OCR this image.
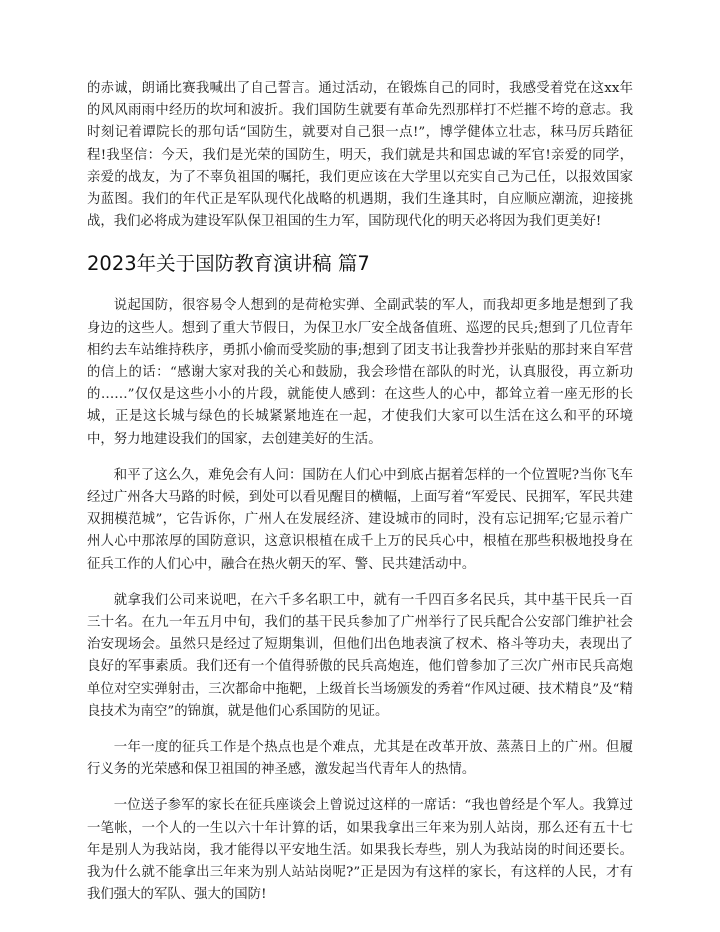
的赤诚，朗诵比赛我喊出了自己誓言。通过活动，在锻炼自己的同时，我感受着党在这xx年的风风雨雨中经历的坎坷和波折。我们国防生就要有革命先烈那样打不烂摧不垮的意志。我时刻记着谭院长的那句话“国防生，就要对自己狠一点!”，博学健体立壮志，秣马厉兵踏征程!我坚信：今天，我们是光荣的国防生，明天，我们就是共和国忠诚的军官!亲爱的同学，亲爱的战友，为了不辜负祖国的嘱托，我们更应该在大学里以充实自己为己任，以报效国家为蓝图。我们的年代正是军队现代化战略的机遇期，我们生逢其时，自应顺应潮流，迎接挑战，我们必将成为建设军队保卫祖国的生力军，国防现代化的明天必将因为我们更美好!

2023年关于国防教育演讲稿 篇7

说起国防，很容易令人想到的是荷枪实弹、全副武装的军人，而我却更多地是想到了我身边的这些人。想到了重大节假日，为保卫水厂安全战备值班、巡逻的民兵;想到了几位青年相约去车站维持秩序，勇抓小偷而受奖励的事;想到了团支书让我誊抄并张贴的那封来自军营的信上的话：“感谢大家对我的关心和鼓励，我会珍惜在部队的时光，认真服役，再立新功的……”仅仅是这些小小的片段，就能使人感到：在这些人的心中，都耸立着一座无形的长城，正是这长城与绿色的长城紧紧地连在一起，才使我们大家可以生活在这么和平的环境中，努力地建设我们的国家，去创建美好的生活。

和平了这么久，难免会有人问：国防在人们心中到底占据着怎样的一个位置呢?当你飞车经过广州各大马路的时候，到处可以看见醒目的横幅，上面写着“军爱民、民拥军，军民共建双拥模范城”，它告诉你，广州人在发展经济、建设城市的同时，没有忘记拥军;它显示着广州人心中那浓厚的国防意识，这意识根植在成千上万的民兵心中，根植在那些积极地投身在征兵工作的人们心中，融合在热火朝天的军、警、民共建活动中。

就拿我们公司来说吧，在六千多名职工中，就有一千四百多名民兵，其中基干民兵一百三十名。在九一年五月中旬，我们的基干民兵参加了广州举行了民兵配合公安部门维护社会治安现场会。虽然只是经过了短期集训，但他们出色地表演了杈术、格斗等功夫，表现出了良好的军事素质。我们还有一个值得骄傲的民兵高炮连，他们曾参加了三次广州市民兵高炮单位对空实弹射击，三次都命中拖靶，上级首长当场颁发的秀着“作风过硬、技术精良”及“精良技术为南空”的锦旗，就是他们心系国防的见证。

一年一度的征兵工作是个热点也是个难点，尤其是在改革开放、蒸蒸日上的广州。但履行义务的光荣感和保卫祖国的神圣感，激发起当代青年人的热情。

一位送子参军的家长在征兵座谈会上曾说过这样的一席话：“我也曾经是个军人。我算过一笔帐，一个人的一生以六十年计算的话，如果我拿出三年来为别人站岗，那么还有五十七年是别人为我站岗，我才能得以平安地生活。如果我长寿些，别人为我站岗的时间还要长。我为什么就不能拿出三年来为别人站站岗呢?”正是因为有这样的家长，有这样的人民，才有我们强大的军队、强大的国防!
